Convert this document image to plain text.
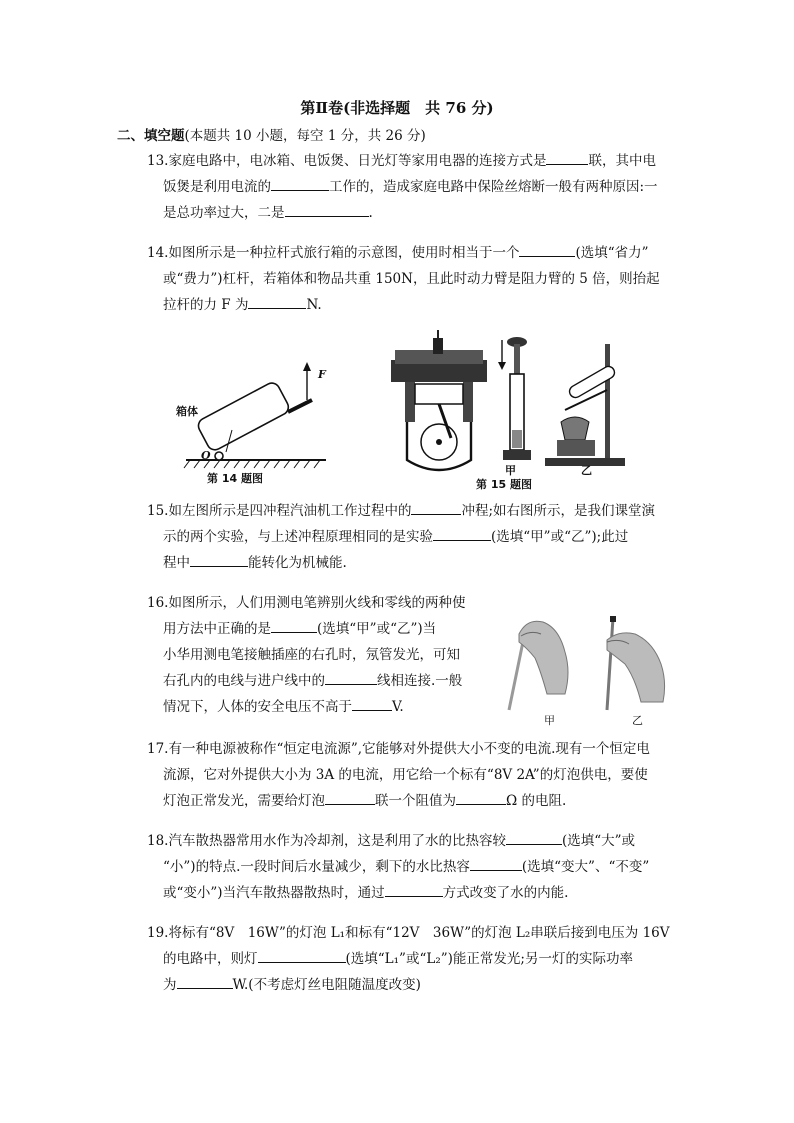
第Ⅱ卷(非选择题　共 76 分)
二、填空题(本题共 10 小题，每空 1 分，共 26 分)
13.家庭电路中，电冰箱、电饭煲、日光灯等家用电器的连接方式是	联，其中电
饭煲是利用电流的	工作的，造成家庭电路中保险丝熔断一般有两种原因:一
是总功率过大，二是	.
14.如图所示是一种拉杆式旅行箱的示意图，使用时相当于一个	(选填“省力”
或“费力”)杠杆，若箱体和物品共重 150N，且此时动力臂是阻力臂的 5 倍，则抬起
拉杆的力 F 为	N.
箱体
F
O
第 14 题图	第 15 题图
甲	乙
15.如左图所示是四冲程汽油机工作过程中的	冲程;如右图所示，是我们课堂演
示的两个实验，与上述冲程原理相同的是实验	(选填“甲”或“乙”);此过
程中	能转化为机械能.
16.如图所示，人们用测电笔辨别火线和零线的两种使
用方法中正确的是	(选填“甲”或“乙”)当
小华用测电笔接触插座的右孔时，氖管发光，可知
右孔内的电线与进户线中的	线相连接.一般
情况下，人体的安全电压不高于	V.
甲	乙
17.有一种电源被称作“恒定电流源”,它能够对外提供大小不变的电流.现有一个恒定电
流源，它对外提供大小为 3A 的电流，用它给一个标有“8V 2A”的灯泡供电，要使
灯泡正常发光，需要给灯泡	联一个阻值为	Ω 的电阻.
18.汽车散热器常用水作为冷却剂，这是利用了水的比热容较	(选填“大”或
“小”)的特点.一段时间后水量减少，剩下的水比热容	(选填“变大”、“不变”
或“变小”)当汽车散热器散热时，通过	方式改变了水的内能.
19.将标有“8V　16W”的灯泡 L₁和标有“12V　36W”的灯泡 L₂串联后接到电压为 16V
的电路中，则灯	(选填“L₁”或“L₂”)能正常发光;另一灯的实际功率
为	W.(不考虑灯丝电阻随温度改变)
